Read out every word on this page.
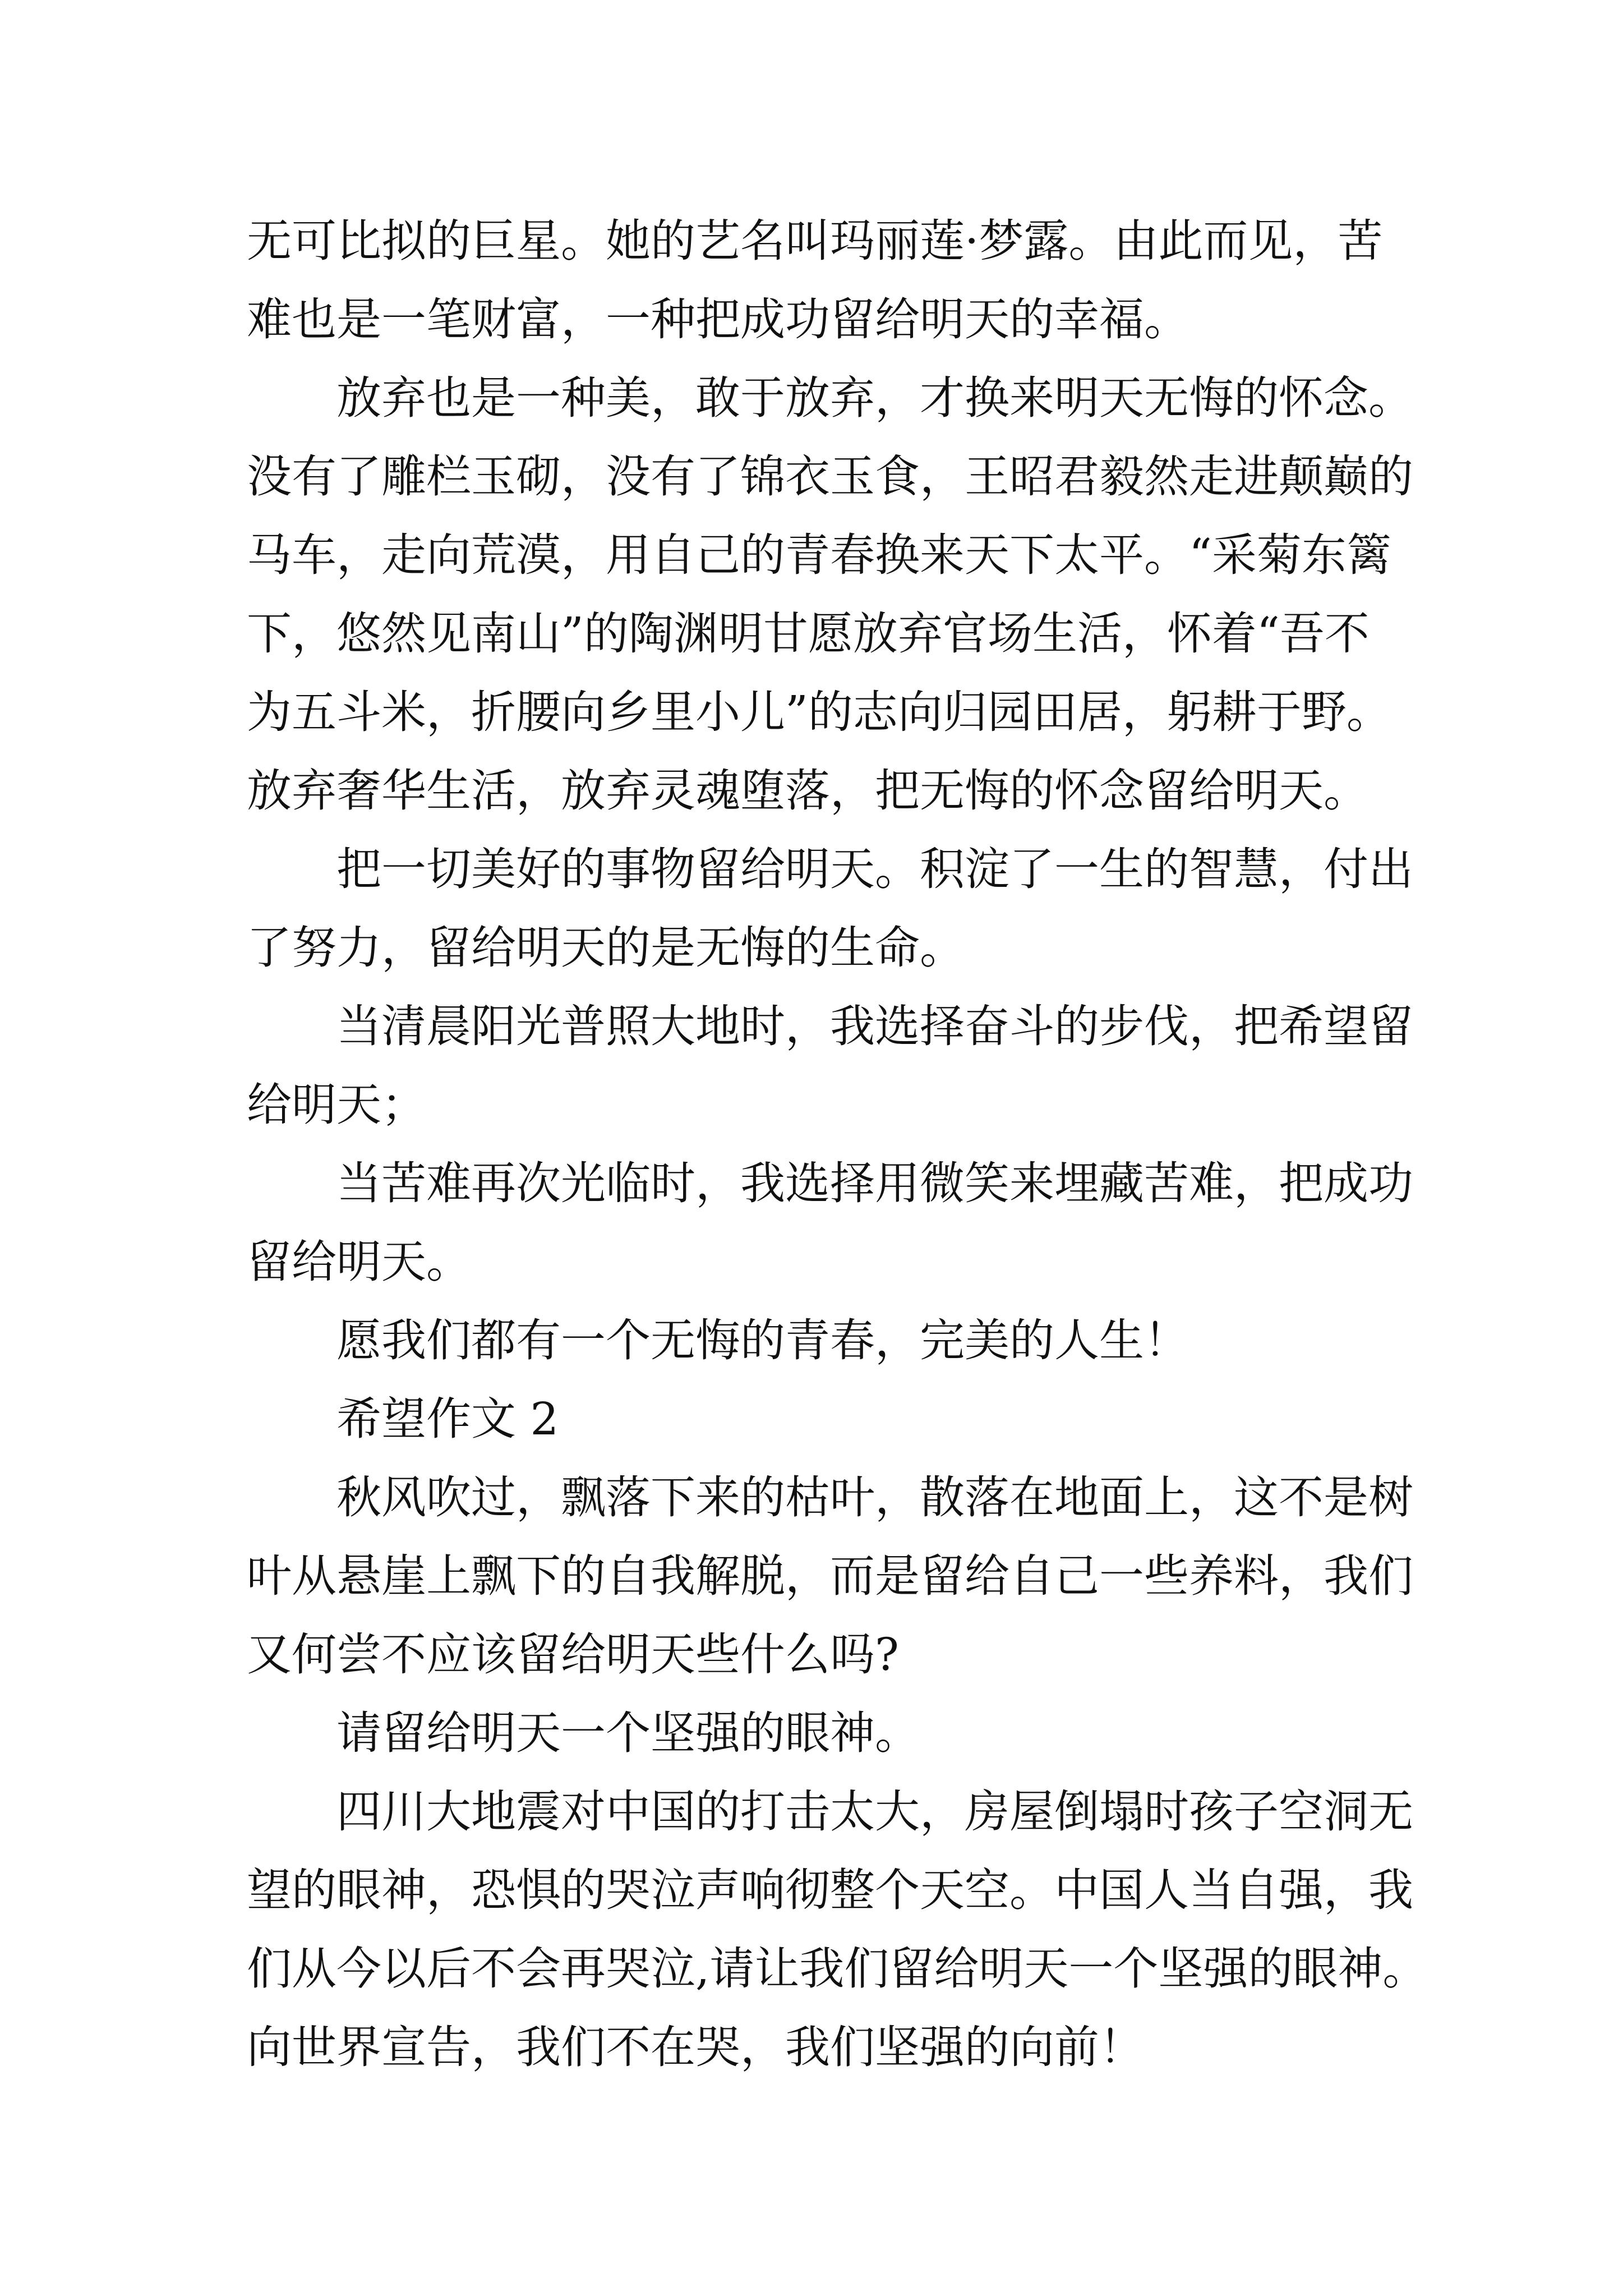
无可比拟的巨星。她的艺名叫玛丽莲·梦露。由此而见，苦
难也是一笔财富，一种把成功留给明天的幸福。
放弃也是一种美，敢于放弃，才换来明天无悔的怀念。
没有了雕栏玉砌，没有了锦衣玉食，王昭君毅然走进颠巅的
马车，走向荒漠，用自己的青春换来天下太平。“采菊东篱
下，悠然见南山”的陶渊明甘愿放弃官场生活，怀着“吾不
为五斗米，折腰向乡里小儿”的志向归园田居，躬耕于野。
放弃奢华生活，放弃灵魂堕落，把无悔的怀念留给明天。
把一切美好的事物留给明天。积淀了一生的智慧，付出
了努力，留给明天的是无悔的生命。
当清晨阳光普照大地时，我选择奋斗的步伐，把希望留
给明天；
当苦难再次光临时，我选择用微笑来埋藏苦难，把成功
留给明天。
愿我们都有一个无悔的青春，完美的人生！
希望作文 2
秋风吹过，飘落下来的枯叶，散落在地面上，这不是树
叶从悬崖上飘下的自我解脱，而是留给自己一些养料，我们
又何尝不应该留给明天些什么吗?
请留给明天一个坚强的眼神。
四川大地震对中国的打击太大，房屋倒塌时孩子空洞无
望的眼神，恐惧的哭泣声响彻整个天空。中国人当自强，我
们从今以后不会再哭泣,请让我们留给明天一个坚强的眼神。
向世界宣告，我们不在哭，我们坚强的向前！
